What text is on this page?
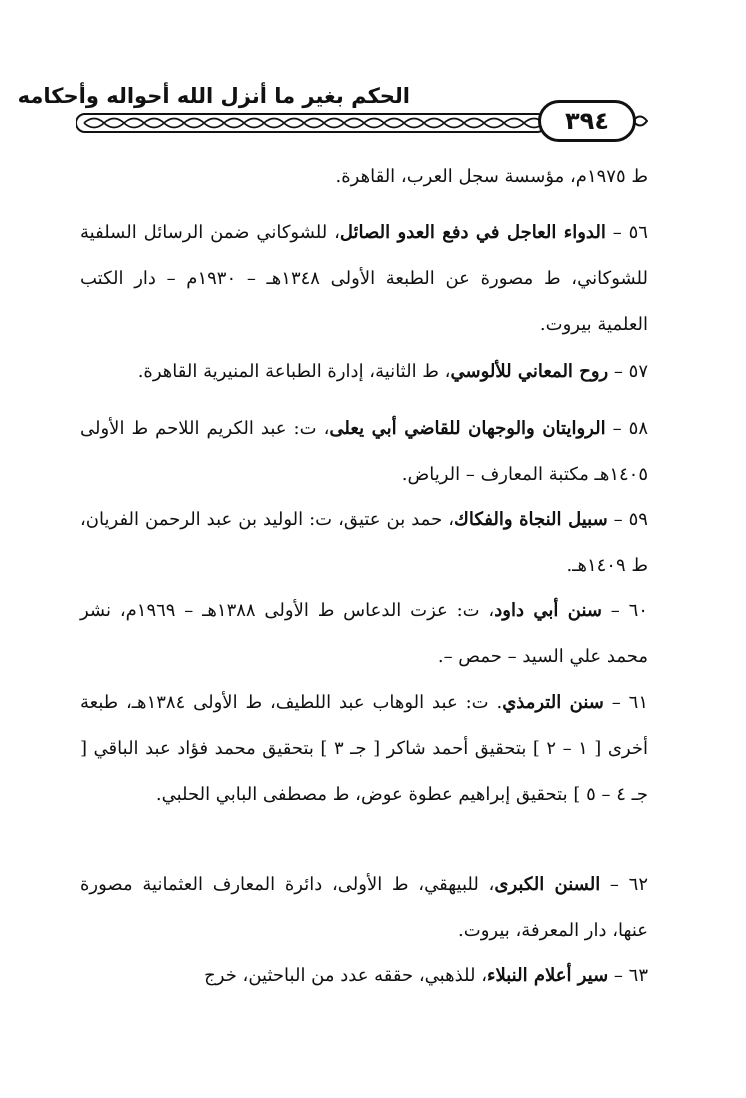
الحكم بغير ما أنزل الله أحواله وأحكامه
٣٩٤

ط ١٩٧٥م، مؤسسة سجل العرب، القاهرة.

٥٦ – الدواء العاجل في دفع العدو الصائل، للشوكاني ضمن الرسائل السلفية للشوكاني، ط مصورة عن الطبعة الأولى ١٣٤٨هـ – ١٩٣٠م – دار الكتب العلمية بيروت.

٥٧ – روح المعاني للألوسي، ط الثانية، إدارة الطباعة المنيرية القاهرة.

٥٨ – الروايتان والوجهان للقاضي أبي يعلى، ت: عبد الكريم اللاحم ط الأولى ١٤٠٥هـ مكتبة المعارف – الرياض.

٥٩ – سبيل النجاة والفكاك، حمد بن عتيق، ت: الوليد بن عبد الرحمن الفريان، ط ١٤٠٩هـ.

٦٠ – سنن أبي داود، ت: عزت الدعاس ط الأولى ١٣٨٨هـ – ١٩٦٩م، نشر محمد علي السيد – حمص –.

٦١ – سنن الترمذي. ت: عبد الوهاب عبد اللطيف، ط الأولى ١٣٨٤هـ، طبعة أخرى [ ١ – ٢ ] بتحقيق أحمد شاكر [ جـ ٣ ] بتحقيق محمد فؤاد عبد الباقي [ جـ ٤ – ٥ ] بتحقيق إبراهيم عطوة عوض، ط مصطفى البابي الحلبي.

٦٢ – السنن الكبرى، للبيهقي، ط الأولى، دائرة المعارف العثمانية مصورة عنها، دار المعرفة، بيروت.

٦٣ – سير أعلام النبلاء، للذهبي، حققه عدد من الباحثين، خرج
